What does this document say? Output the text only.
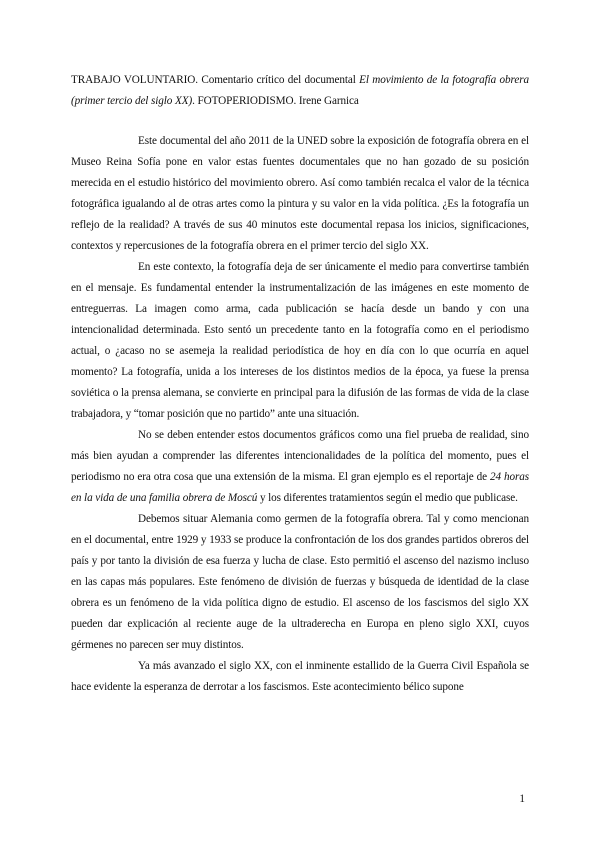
TRABAJO VOLUNTARIO. Comentario crítico del documental El movimiento de la fotografía obrera (primer tercio del siglo XX). FOTOPERIODISMO. Irene Garnica

Este documental del año 2011 de la UNED sobre la exposición de fotografía obrera en el Museo Reina Sofía pone en valor estas fuentes documentales que no han gozado de su posición merecida en el estudio histórico del movimiento obrero. Así como también recalca el valor de la técnica fotográfica igualando al de otras artes como la pintura y su valor en la vida política. ¿Es la fotografía un reflejo de la realidad? A través de sus 40 minutos este documental repasa los inicios, significaciones, contextos y repercusiones de la fotografía obrera en el primer tercio del siglo XX.

En este contexto, la fotografía deja de ser únicamente el medio para convertirse también en el mensaje. Es fundamental entender la instrumentalización de las imágenes en este momento de entreguerras. La imagen como arma, cada publicación se hacía desde un bando y con una intencionalidad determinada. Esto sentó un precedente tanto en la fotografía como en el periodismo actual, o ¿acaso no se asemeja la realidad periodística de hoy en día con lo que ocurría en aquel momento? La fotografía, unida a los intereses de los distintos medios de la época, ya fuese la prensa soviética o la prensa alemana, se convierte en principal para la difusión de las formas de vida de la clase trabajadora, y “tomar posición que no partido” ante una situación.

No se deben entender estos documentos gráficos como una fiel prueba de realidad, sino más bien ayudan a comprender las diferentes intencionalidades de la política del momento, pues el periodismo no era otra cosa que una extensión de la misma. El gran ejemplo es el reportaje de 24 horas en la vida de una familia obrera de Moscú y los diferentes tratamientos según el medio que publicase.

Debemos situar Alemania como germen de la fotografía obrera. Tal y como mencionan en el documental, entre 1929 y 1933 se produce la confrontación de los dos grandes partidos obreros del país y por tanto la división de esa fuerza y lucha de clase. Esto permitió el ascenso del nazismo incluso en las capas más populares. Este fenómeno de división de fuerzas y búsqueda de identidad de la clase obrera es un fenómeno de la vida política digno de estudio. El ascenso de los fascismos del siglo XX pueden dar explicación al reciente auge de la ultraderecha en Europa en pleno siglo XXI, cuyos gérmenes no parecen ser muy distintos.

Ya más avanzado el siglo XX, con el inminente estallido de la Guerra Civil Española se hace evidente la esperanza de derrotar a los fascismos. Este acontecimiento bélico supone

1
